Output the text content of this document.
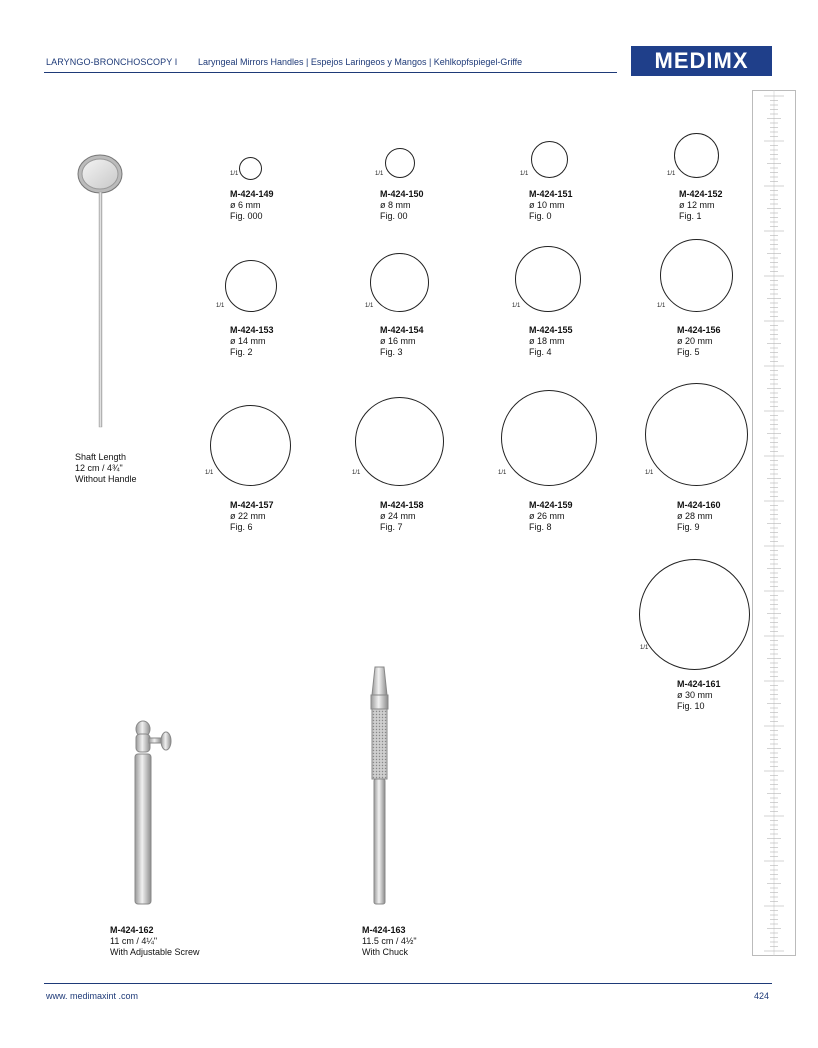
LARYNGO-BRONCHOSCOPY I Laryngeal Mirrors Handles | Espejos Laringeos y Mangos | Kehlkopfspiegel-Griffe	MEDIMX
1/1
M-424-149
ø 6 mm
Fig. 000
1/1
M-424-150
ø 8 mm
Fig. 00
1/1
M-424-151
ø 10 mm
Fig. 0
1/1
M-424-152
ø 12 mm
Fig. 1
1/1
M-424-153
ø 14 mm
Fig. 2
1/1
M-424-154
ø 16 mm
Fig. 3
1/1
M-424-155
ø 18 mm
Fig. 4
1/1
M-424-156
ø 20 mm
Fig. 5
1/1
M-424-157
ø 22 mm
Fig. 6
1/1
M-424-158
ø 24 mm
Fig. 7
1/1
M-424-159
ø 26 mm
Fig. 8
1/1
M-424-160
ø 28 mm
Fig. 9
1/1
M-424-161
ø 30 mm
Fig. 10
Shaft Length
12 cm / 4¾"
Without Handle
M-424-162
11 cm / 4¼"
With Adjustable Screw
M-424-163
11.5 cm / 4½"
With Chuck
www. medimaxint .com	424
